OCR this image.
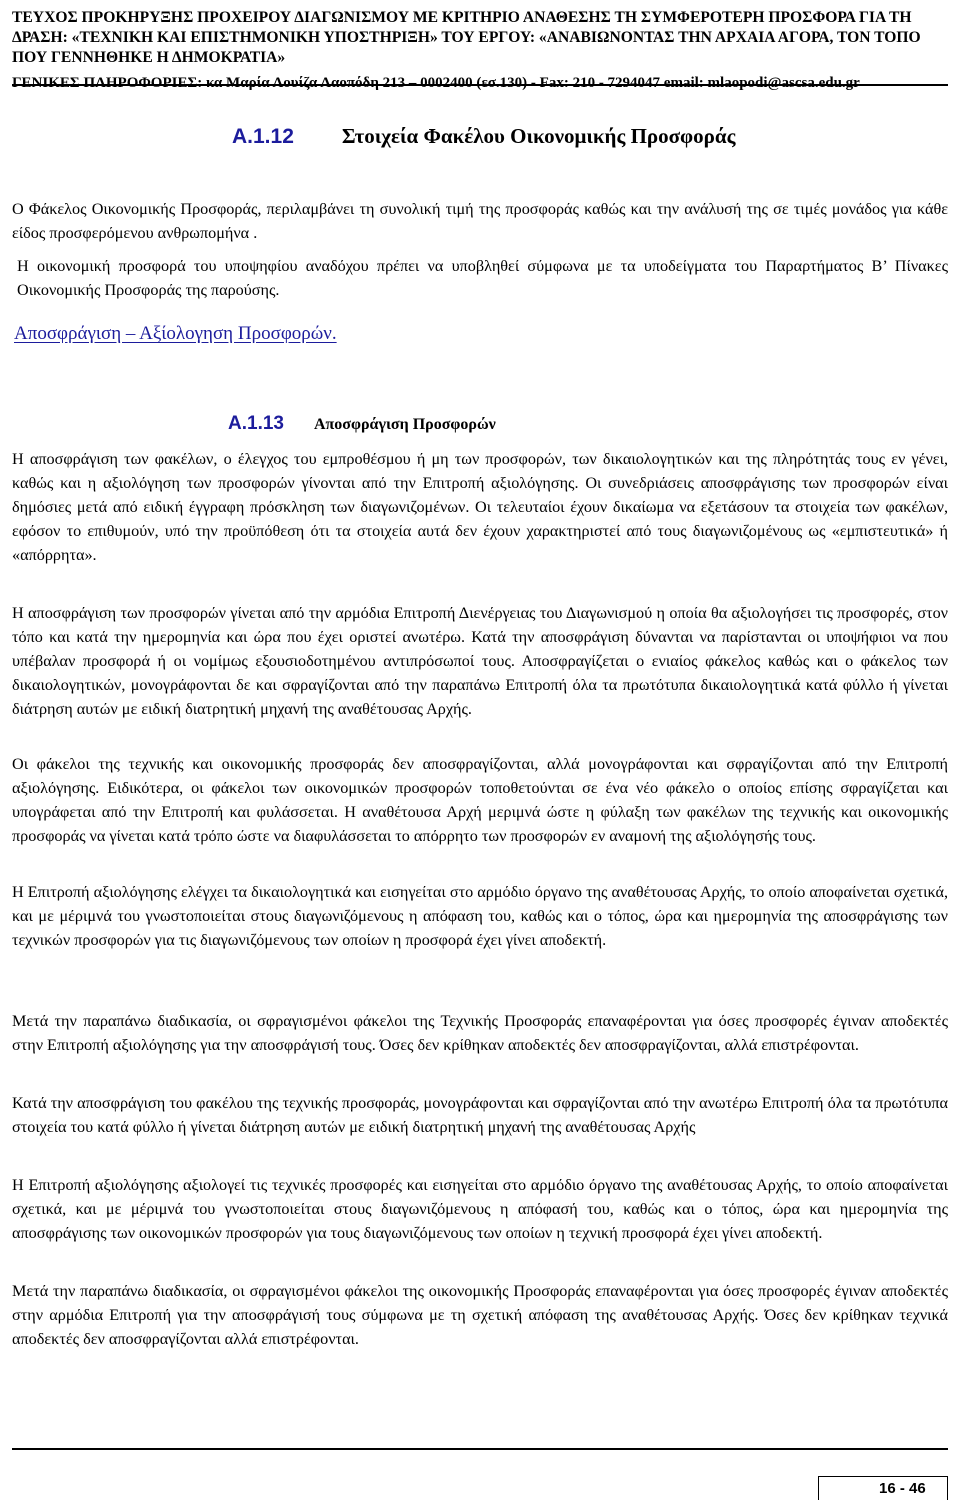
ΤΕΥΧΟΣ ΠΡΟΚΗΡΥΞΗΣ ΠΡΟΧΕΙΡΟΥ ΔΙΑΓΩΝΙΣΜΟΥ ΜΕ ΚΡΙΤΗΡΙΟ ΑΝΑΘΕΣΗΣ ΤΗ ΣΥΜΦΕΡΟΤΕΡΗ ΠΡΟΣΦΟΡΑ ΓΙΑ ΤΗ ΔΡΑΣΗ: «ΤΕΧΝΙΚΗ ΚΑΙ ΕΠΙΣΤΗΜΟΝΙΚΗ ΥΠΟΣΤΗΡΙΞΗ» ΤΟΥ ΕΡΓΟΥ: «ΑΝΑΒΙΩΝΟΝΤΑΣ ΤΗΝ ΑΡΧΑΙΑ ΑΓΟΡΑ, ΤΟΝ ΤΟΠΟ ΠΟΥ ΓΕΝΝΗΘΗΚΕ Η ΔΗΜΟΚΡΑΤΙΑ»
ΓΕΝΙΚΕΣ ΠΛΗΡΟΦΟΡΙΕΣ: κα Μαρία Λουίζα Λαοπόδη 213 – 0002400 (εσ.130) - Fax: 210 - 7294047 email: mlaopodi@ascsa.edu.gr
Α.1.12 Στοιχεία Φακέλου Οικονομικής Προσφοράς
Ο Φάκελος Οικονομικής Προσφοράς, περιλαμβάνει τη συνολική τιμή της προσφοράς καθώς και την ανάλυσή της σε τιμές μονάδος για κάθε είδος προσφερόμενου ανθρωπομήνα .
Η οικονομική προσφορά του υποψηφίου αναδόχου πρέπει να υποβληθεί σύμφωνα με τα υποδείγματα του Παραρτήματος Β’ Πίνακες Οικονομικής Προσφοράς της παρούσης.
Αποσφράγιση – Αξίολογηση Προσφορών.
Α.1.13 Αποσφράγιση Προσφορών
Η αποσφράγιση των φακέλων, ο έλεγχος του εμπροθέσμου ή μη των προσφορών, των δικαιολογητικών και της πληρότητάς τους εν γένει, καθώς και η αξιολόγηση των προσφορών γίνονται από την Επιτροπή αξιολόγησης. Οι συνεδριάσεις αποσφράγισης των προσφορών είναι δημόσιες μετά από ειδική έγγραφη πρόσκληση των διαγωνιζομένων. Οι τελευταίοι έχουν δικαίωμα να εξετάσουν τα στοιχεία των φακέλων, εφόσον το επιθυμούν, υπό την προϋπόθεση ότι τα στοιχεία αυτά δεν έχουν χαρακτηριστεί από τους διαγωνιζομένους ως «εμπιστευτικά» ή «απόρρητα».
Η αποσφράγιση των προσφορών γίνεται από την αρμόδια Επιτροπή Διενέργειας του Διαγωνισμού η οποία θα αξιολογήσει τις προσφορές, στον τόπο και κατά την ημερομηνία και ώρα που έχει οριστεί ανωτέρω. Κατά την αποσφράγιση δύνανται να παρίστανται οι υποψήφιοι να που υπέβαλαν προσφορά ή οι νομίμως εξουσιοδοτημένου αντιπρόσωποί τους. Αποσφραγίζεται ο ενιαίος φάκελος καθώς και ο φάκελος των δικαιολογητικών, μονογράφονται δε και σφραγίζονται από την παραπάνω Επιτροπή όλα τα πρωτότυπα δικαιολογητικά κατά φύλλο ή γίνεται διάτρηση αυτών με ειδική διατρητική μηχανή της αναθέτουσας Αρχής.
Οι φάκελοι της τεχνικής και οικονομικής προσφοράς δεν αποσφραγίζονται, αλλά μονογράφονται και σφραγίζονται από την Επιτροπή αξιολόγησης. Ειδικότερα, οι φάκελοι των οικονομικών προσφορών τοποθετούνται σε ένα νέο φάκελο ο οποίος επίσης σφραγίζεται και υπογράφεται από την Επιτροπή και φυλάσσεται. Η αναθέτουσα Αρχή μεριμνά ώστε η φύλαξη των φακέλων της τεχνικής και οικονομικής προσφοράς να γίνεται κατά τρόπο ώστε να διαφυλάσσεται το απόρρητο των προσφορών εν αναμονή της αξιολόγησής τους.
Η Επιτροπή αξιολόγησης ελέγχει τα δικαιολογητικά και εισηγείται στο αρμόδιο όργανο της αναθέτουσας Αρχής, το οποίο αποφαίνεται σχετικά, και με μέριμνά του γνωστοποιείται στους διαγωνιζόμενους η απόφαση του, καθώς και ο τόπος, ώρα και ημερομηνία της αποσφράγισης των τεχνικών προσφορών για τις διαγωνιζόμενους των οποίων η προσφορά έχει γίνει αποδεκτή.
Μετά την παραπάνω διαδικασία, οι σφραγισμένοι φάκελοι της Τεχνικής Προσφοράς επαναφέρονται για όσες προσφορές έγιναν αποδεκτές στην Επιτροπή αξιολόγησης για την αποσφράγισή τους. Όσες δεν κρίθηκαν αποδεκτές δεν αποσφραγίζονται, αλλά επιστρέφονται.
Κατά την αποσφράγιση του φακέλου της τεχνικής προσφοράς, μονογράφονται και σφραγίζονται από την ανωτέρω Επιτροπή όλα τα πρωτότυπα στοιχεία του κατά φύλλο ή γίνεται διάτρηση αυτών με ειδική διατρητική μηχανή της αναθέτουσας Αρχής
Η Επιτροπή αξιολόγησης αξιολογεί τις τεχνικές προσφορές και εισηγείται στο αρμόδιο όργανο της αναθέτουσας Αρχής, το οποίο αποφαίνεται σχετικά, και με μέριμνά του γνωστοποιείται στους διαγωνιζόμενους η απόφασή του, καθώς και ο τόπος, ώρα και ημερομηνία της αποσφράγισης των οικονομικών προσφορών για τους διαγωνιζόμενους των οποίων η τεχνική προσφορά έχει γίνει αποδεκτή.
Μετά την παραπάνω διαδικασία, οι σφραγισμένοι φάκελοι της οικονομικής Προσφοράς επαναφέρονται για όσες προσφορές έγιναν αποδεκτές στην αρμόδια Επιτροπή για την αποσφράγισή τους σύμφωνα με τη σχετική απόφαση της αναθέτουσας Αρχής. Όσες δεν κρίθηκαν τεχνικά αποδεκτές δεν αποσφραγίζονται αλλά επιστρέφονται.
16 - 46
